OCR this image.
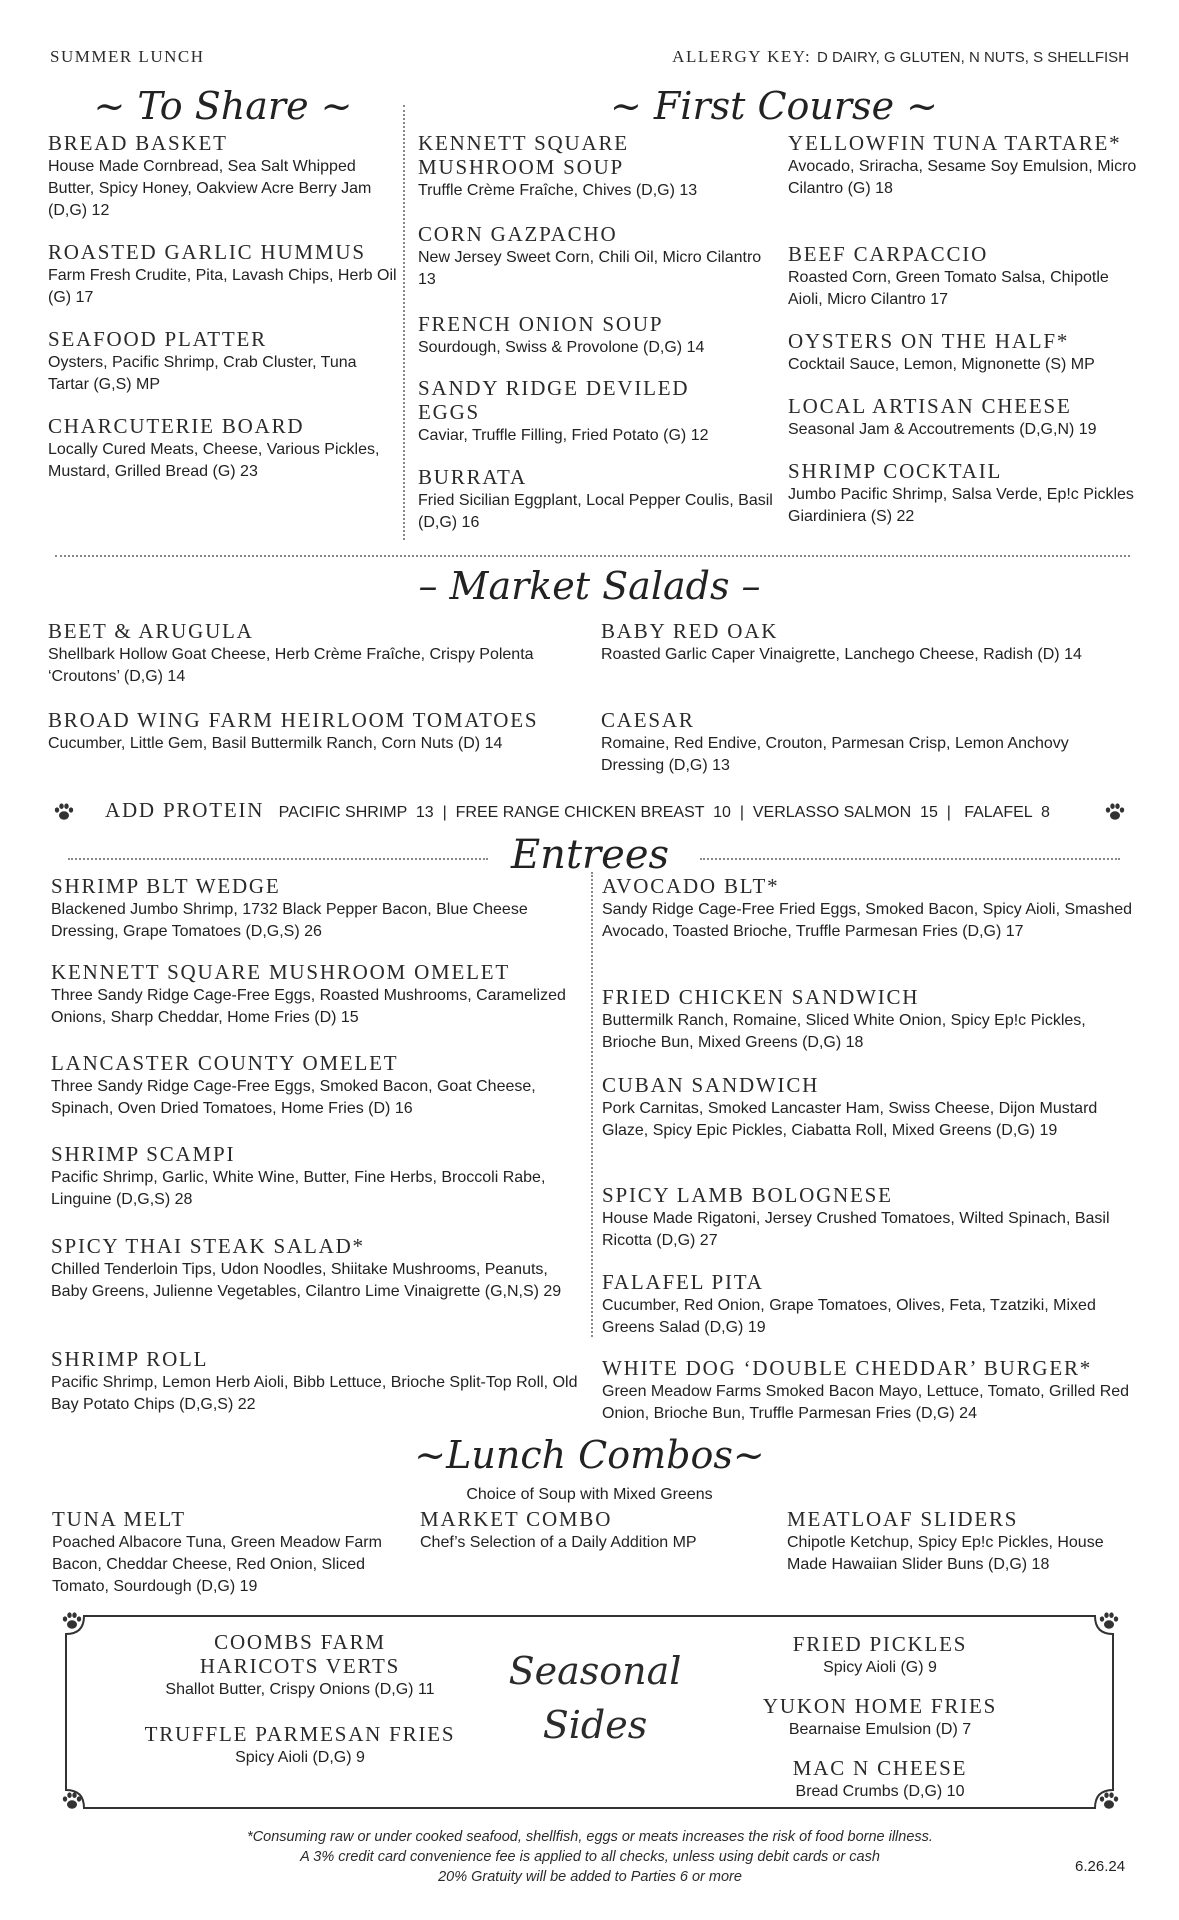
SUMMER LUNCH	ALLERGY KEY: D DAIRY, G GLUTEN, N NUTS, S SHELLFISH
~ To Share ~
BREAD BASKET
House Made Cornbread, Sea Salt Whipped Butter, Spicy Honey, Oakview Acre Berry Jam (D,G) 12
ROASTED GARLIC HUMMUS
Farm Fresh Crudite, Pita, Lavash Chips, Herb Oil (G) 17
SEAFOOD PLATTER
Oysters, Pacific Shrimp, Crab Cluster, Tuna Tartar (G,S) MP
CHARCUTERIE BOARD
Locally Cured Meats, Cheese, Various Pickles, Mustard, Grilled Bread (G) 23
~ First Course ~
KENNETT SQUARE MUSHROOM SOUP
Truffle Crème Fraîche, Chives (D,G) 13
CORN GAZPACHO
New Jersey Sweet Corn, Chili Oil, Micro Cilantro 13
FRENCH ONION SOUP
Sourdough, Swiss & Provolone (D,G) 14
SANDY RIDGE DEVILED EGGS
Caviar, Truffle Filling, Fried Potato (G) 12
BURRATA
Fried Sicilian Eggplant, Local Pepper Coulis, Basil (D,G) 16
YELLOWFIN TUNA TARTARE*
Avocado, Sriracha, Sesame Soy Emulsion, Micro Cilantro (G) 18
BEEF CARPACCIO
Roasted Corn, Green Tomato Salsa, Chipotle Aioli, Micro Cilantro 17
OYSTERS ON THE HALF*
Cocktail Sauce, Lemon, Mignonette (S) MP
LOCAL ARTISAN CHEESE
Seasonal Jam & Accoutrements (D,G,N) 19
SHRIMP COCKTAIL
Jumbo Pacific Shrimp, Salsa Verde, Ep!c Pickles Giardiniera (S) 22
– Market Salads –
BEET & ARUGULA
Shellbark Hollow Goat Cheese, Herb Crème Fraîche, Crispy Polenta ‘Croutons’ (D,G) 14
BABY RED OAK
Roasted Garlic Caper Vinaigrette, Lanchego Cheese, Radish (D) 14
BROAD WING FARM HEIRLOOM TOMATOES
Cucumber, Little Gem, Basil Buttermilk Ranch, Corn Nuts (D) 14
CAESAR
Romaine, Red Endive, Crouton, Parmesan Crisp, Lemon Anchovy Dressing (D,G) 13
ADD PROTEIN PACIFIC SHRIMP  13  |  FREE RANGE CHICKEN BREAST  10  |  VERLASSO SALMON  15  |   FALAFEL  8
Entrees
SHRIMP BLT WEDGE
Blackened Jumbo Shrimp, 1732 Black Pepper Bacon, Blue Cheese Dressing, Grape Tomatoes (D,G,S) 26
KENNETT SQUARE MUSHROOM OMELET
Three Sandy Ridge Cage-Free Eggs, Roasted Mushrooms, Caramelized Onions, Sharp Cheddar, Home Fries (D) 15
LANCASTER COUNTY OMELET
Three Sandy Ridge Cage-Free Eggs, Smoked Bacon, Goat Cheese, Spinach, Oven Dried Tomatoes, Home Fries (D) 16
SHRIMP SCAMPI
Pacific Shrimp, Garlic, White Wine, Butter, Fine Herbs, Broccoli Rabe, Linguine (D,G,S) 28
SPICY THAI STEAK SALAD*
Chilled Tenderloin Tips, Udon Noodles, Shiitake Mushrooms, Peanuts, Baby Greens, Julienne Vegetables, Cilantro Lime Vinaigrette (G,N,S) 29
SHRIMP ROLL
Pacific Shrimp, Lemon Herb Aioli, Bibb Lettuce, Brioche Split-Top Roll, Old Bay Potato Chips (D,G,S) 22
AVOCADO BLT*
Sandy Ridge Cage-Free Fried Eggs, Smoked Bacon, Spicy Aioli, Smashed Avocado, Toasted Brioche, Truffle Parmesan Fries (D,G) 17
FRIED CHICKEN SANDWICH
Buttermilk Ranch, Romaine, Sliced White Onion, Spicy Ep!c Pickles, Brioche Bun, Mixed Greens (D,G) 18
CUBAN SANDWICH
Pork Carnitas, Smoked Lancaster Ham, Swiss Cheese, Dijon Mustard Glaze, Spicy Epic Pickles, Ciabatta Roll, Mixed Greens (D,G) 19
SPICY LAMB BOLOGNESE
House Made Rigatoni, Jersey Crushed Tomatoes, Wilted Spinach, Basil Ricotta (D,G) 27
FALAFEL PITA
Cucumber, Red Onion, Grape Tomatoes, Olives, Feta, Tzatziki, Mixed Greens Salad (D,G) 19
WHITE DOG ‘DOUBLE CHEDDAR’ BURGER*
Green Meadow Farms Smoked Bacon Mayo, Lettuce, Tomato, Grilled Red Onion, Brioche Bun, Truffle Parmesan Fries (D,G) 24
~Lunch Combos~
Choice of Soup with Mixed Greens
TUNA MELT
Poached Albacore Tuna, Green Meadow Farm Bacon, Cheddar Cheese, Red Onion, Sliced Tomato, Sourdough (D,G) 19
MARKET COMBO
Chef’s Selection of a Daily Addition MP
MEATLOAF SLIDERS
Chipotle Ketchup, Spicy Ep!c Pickles, House Made Hawaiian Slider Buns (D,G) 18
COOMBS FARM HARICOTS VERTS
Shallot Butter, Crispy Onions (D,G) 11
TRUFFLE PARMESAN FRIES
Spicy Aioli (D,G) 9
Seasonal
Sides
FRIED PICKLES
Spicy Aioli (G) 9
YUKON HOME FRIES
Bearnaise Emulsion (D) 7
MAC N CHEESE
Bread Crumbs (D,G) 10
*Consuming raw or under cooked seafood, shellfish, eggs or meats increases the risk of food borne illness.
A 3% credit card convenience fee is applied to all checks, unless using debit cards or cash
20% Gratuity will be added to Parties 6 or more
6.26.24
